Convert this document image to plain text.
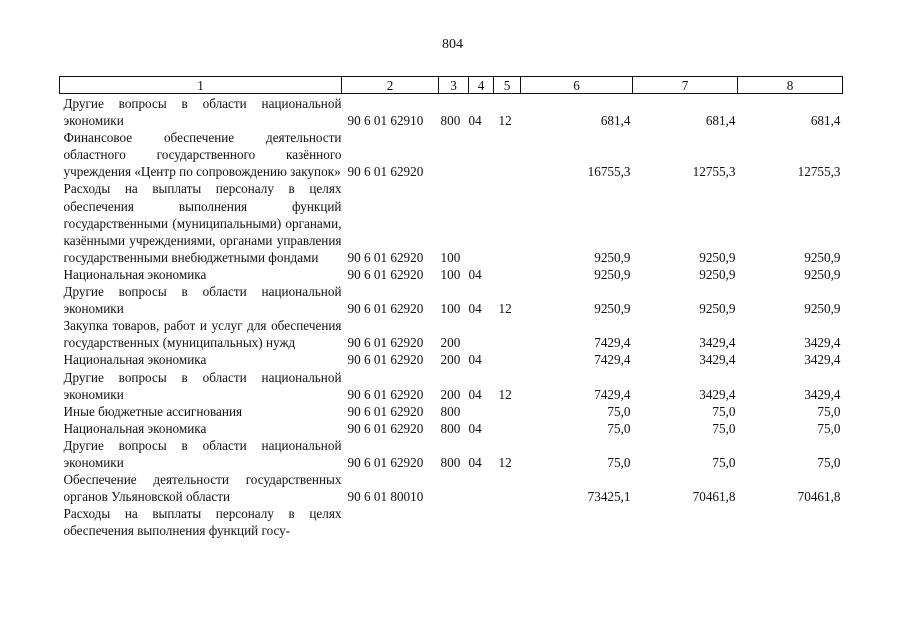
804
1	2	3	4	5	6	7	8
Другие вопросы в области национальной экономики	90 6 01 62910	800	04	12	681,4	681,4	681,4
Финансовое обеспечение деятельности областного государственного казённого учреждения «Центр по сопровождению закупок»	90 6 01 62920				16755,3	12755,3	12755,3
Расходы на выплаты персоналу в целях обеспечения выполнения функций государственными (муниципальными) органами, казёнными учреждениями, органами управления государственными внебюджетными фондами	90 6 01 62920	100			9250,9	9250,9	9250,9
Национальная экономика	90 6 01 62920	100	04		9250,9	9250,9	9250,9
Другие вопросы в области национальной экономики	90 6 01 62920	100	04	12	9250,9	9250,9	9250,9
Закупка товаров, работ и услуг для обеспечения государственных (муниципальных) нужд	90 6 01 62920	200			7429,4	3429,4	3429,4
Национальная экономика	90 6 01 62920	200	04		7429,4	3429,4	3429,4
Другие вопросы в области национальной экономики	90 6 01 62920	200	04	12	7429,4	3429,4	3429,4
Иные бюджетные ассигнования	90 6 01 62920	800			75,0	75,0	75,0
Национальная экономика	90 6 01 62920	800	04		75,0	75,0	75,0
Другие вопросы в области национальной экономики	90 6 01 62920	800	04	12	75,0	75,0	75,0
Обеспечение деятельности государственных органов Ульяновской области	90 6 01 80010				73425,1	70461,8	70461,8
Расходы на выплаты персоналу в целях обеспечения выполнения функций госу-							
